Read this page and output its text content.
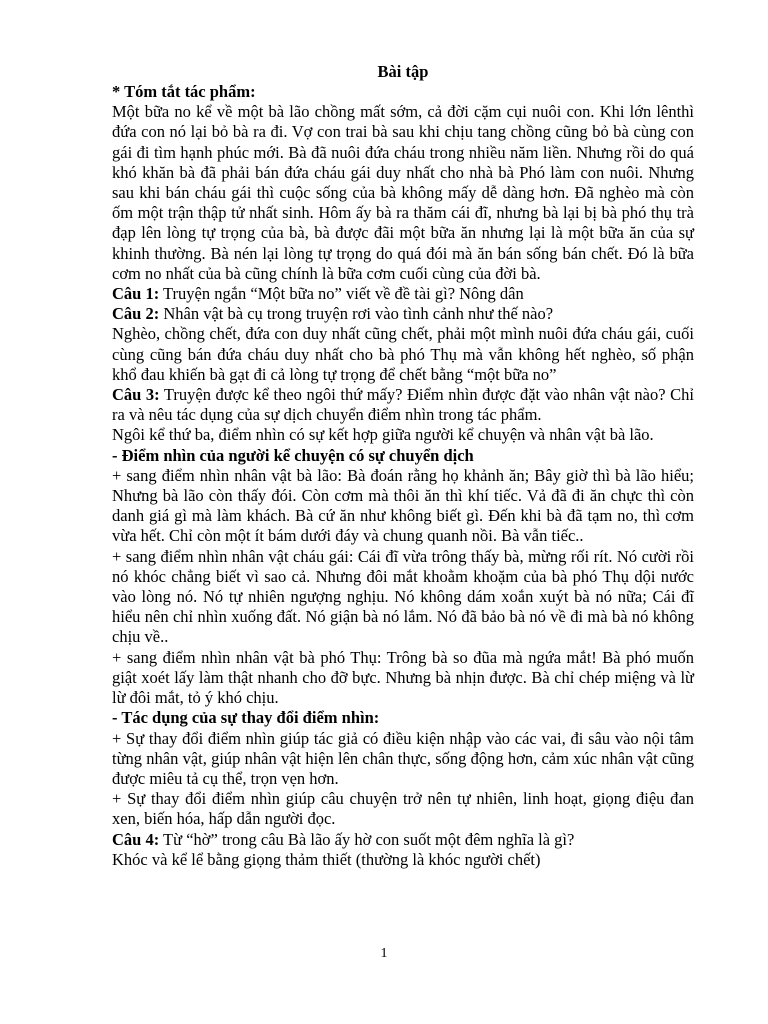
Bài tập

* Tóm tắt tác phẩm:

Một bữa no kể về một bà lão chồng mất sớm, cả đời cặm cụi nuôi con. Khi lớn lênthì đứa con nó lại bỏ bà ra đi. Vợ con trai bà sau khi chịu tang chồng cũng bỏ bà cùng con gái đi tìm hạnh phúc mới. Bà đã nuôi đứa cháu trong nhiều năm liền. Nhưng rồi do quá khó khăn bà đã phải bán đứa cháu gái duy nhất cho nhà bà Phó làm con nuôi. Nhưng sau khi bán cháu gái thì cuộc sống của bà không mấy dễ dàng hơn. Đã nghèo mà còn ốm một trận thập tử nhất sinh. Hôm ấy bà ra thăm cái đĩ, nhưng bà lại bị bà phó thụ trà đạp lên lòng tự trọng của bà, bà được đãi một bữa ăn nhưng lại là một bữa ăn của sự khinh thường. Bà nén lại lòng tự trọng do quá đói mà ăn bán sống bán chết. Đó là bữa cơm no nhất của bà cũng chính là bữa cơm cuối cùng của đời bà.

Câu 1: Truyện ngắn “Một bữa no” viết về đề tài gì? Nông dân

Câu 2: Nhân vật bà cụ trong truyện rơi vào tình cảnh như thế nào?

Nghèo, chồng chết, đứa con duy nhất cũng chết, phải một mình nuôi đứa cháu gái, cuối cùng cũng bán đứa cháu duy nhất cho bà phó Thụ mà vẫn không hết nghèo, số phận khổ đau khiến bà gạt đi cả lòng tự trọng để chết bằng “một bữa no”

Câu 3: Truyện được kể theo ngôi thứ mấy? Điểm nhìn được đặt vào nhân vật nào? Chỉ ra và nêu tác dụng của sự dịch chuyển điểm nhìn trong tác phẩm.

Ngôi kể thứ ba, điểm nhìn có sự kết hợp giữa người kể chuyện và nhân vật bà lão.

- Điểm nhìn của người kể chuyện có sự chuyển dịch

+ sang điểm nhìn nhân vật bà lão: Bà đoán rằng họ khảnh ăn; Bây giờ thì bà lão hiểu; Nhưng bà lão còn thấy đói. Còn cơm mà thôi ăn thì khí tiếc. Vả đã đi ăn chực thì còn danh giá gì mà làm khách. Bà cứ ăn như không biết gì. Đến khi bà đã tạm no, thì cơm vừa hết. Chỉ còn một ít bám dưới đáy và chung quanh nồi. Bà vẫn tiếc..

+ sang điểm nhìn nhân vật cháu gái: Cái đĩ vừa trông thấy bà, mừng rối rít. Nó cười rồi nó khóc chẳng biết vì sao cả. Nhưng đôi mắt khoằm khoặm của bà phó Thụ dội nước vào lòng nó. Nó tự nhiên ngượng nghịu. Nó không dám xoắn xuýt bà nó nữa; Cái đĩ hiểu nên chỉ nhìn xuống đất. Nó giận bà nó lắm. Nó đã bảo bà nó về đi mà bà nó không chịu về..

+ sang điểm nhìn nhân vật bà phó Thụ: Trông bà so đũa mà ngứa mắt! Bà phó muốn giật xoét lấy làm thật nhanh cho đỡ bực. Nhưng bà nhịn được. Bà chỉ chép miệng và lừ lừ đôi mắt, tỏ ý khó chịu.

- Tác dụng của sự thay đổi điểm nhìn:

+ Sự thay đổi điểm nhìn giúp tác giả có điều kiện nhập vào các vai, đi sâu vào nội tâm từng nhân vật, giúp nhân vật hiện lên chân thực, sống động hơn, cảm xúc nhân vật cũng được miêu tả cụ thể, trọn vẹn hơn.

+ Sự thay đổi điểm nhìn giúp câu chuyện trở nên tự nhiên, linh hoạt, giọng điệu đan xen, biến hóa, hấp dẫn người đọc.

Câu 4: Từ “hờ” trong câu Bà lão ấy hờ con suốt một đêm nghĩa là gì?

Khóc và kể lể bằng giọng thảm thiết (thường là khóc người chết)

1
